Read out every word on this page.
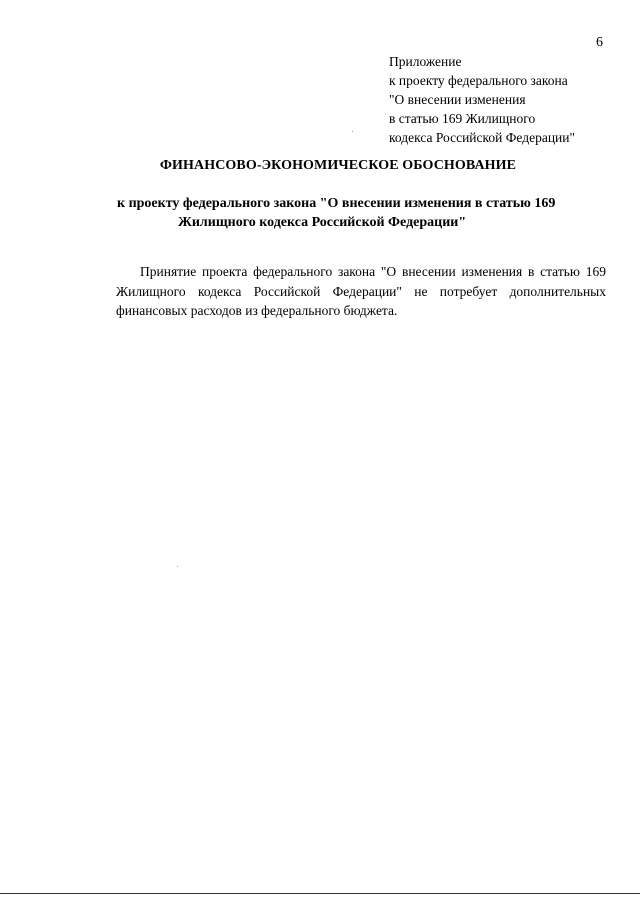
6
Приложение
к проекту федерального закона
"О внесении изменения
в статью 169 Жилищного
кодекса Российской Федерации"
ФИНАНСОВО-ЭКОНОМИЧЕСКОЕ ОБОСНОВАНИЕ
к проекту федерального закона "О внесении изменения в статью 169
Жилищного кодекса Российской Федерации"
Принятие проекта федерального закона "О внесении изменения в статью 169 Жилищного кодекса Российской Федерации" не потребует дополнительных финансовых расходов из федерального бюджета.
